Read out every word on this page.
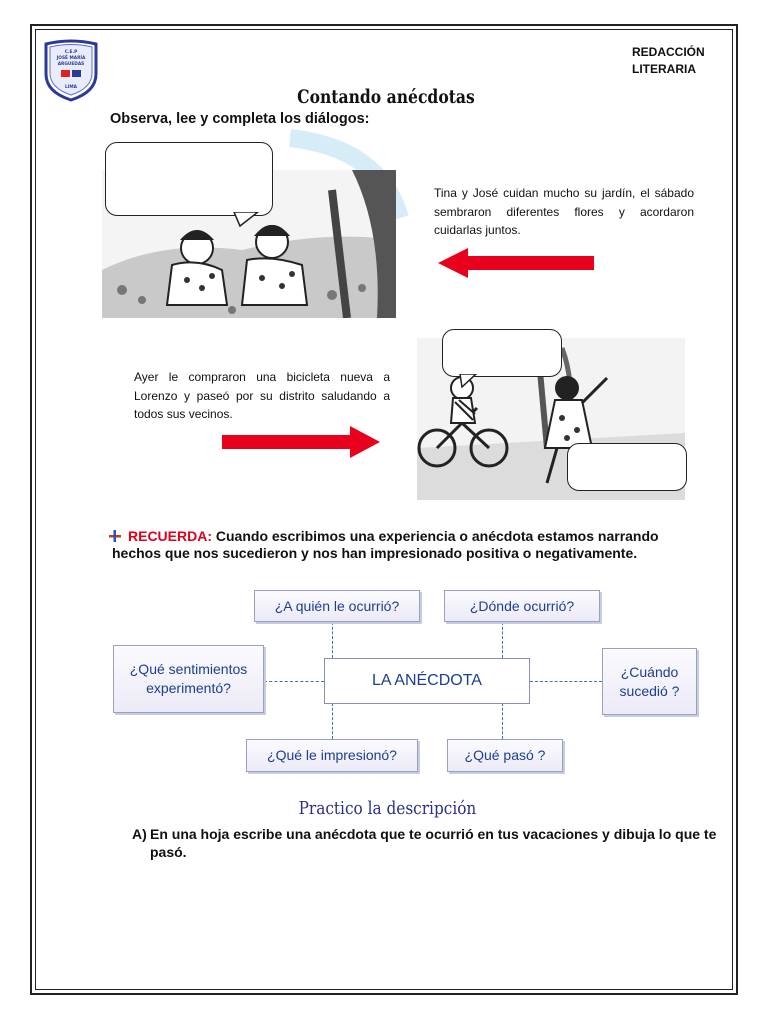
C.E.P
JOSÉ MARÍA
ARGUEDAS
LIMA
REDACCIÓN
LITERARIA
Contando anécdotas
Observa, lee y completa los diálogos:
Tina y José cuidan mucho su jardín, el sábado sembraron diferentes flores y acordaron cuidarlas juntos.
Ayer le compraron una bicicleta nueva a Lorenzo y paseó por su distrito saludando a todos sus vecinos.
RECUERDA: Cuando escribimos una experiencia o anécdota estamos narrando hechos que nos sucedieron y nos han impresionado positiva o negativamente.
¿A quién le ocurrió?	¿Dónde ocurrió?
¿Qué sentimientos
experimentó?	LA ANÉCDOTA
¿Cuándo
sucedió ?
¿Qué le impresionó?	¿Qué pasó ?
Practico la descripción
A) En una hoja escribe una anécdota que te ocurrió en tus vacaciones y dibuja lo que te pasó.
